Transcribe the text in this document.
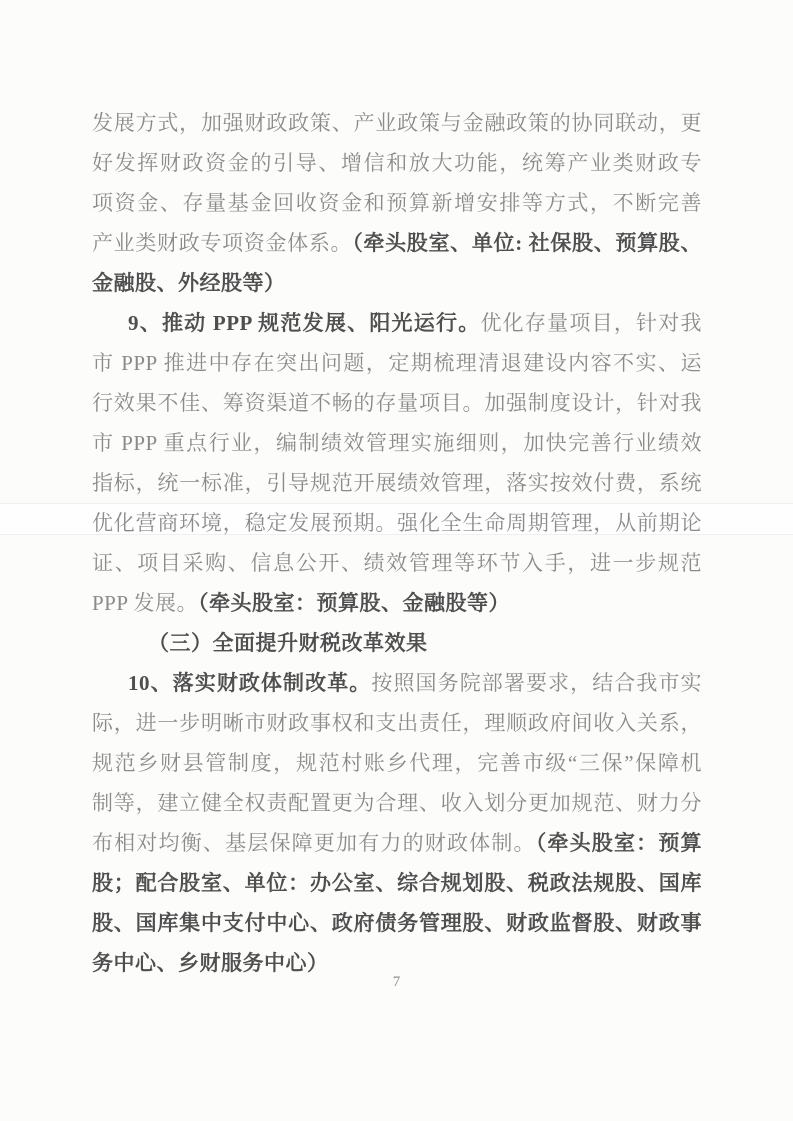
发展方式，加强财政政策、产业政策与金融政策的协同联动，更
好发挥财政资金的引导、增信和放大功能，统筹产业类财政专
项资金、存量基金回收资金和预算新增安排等方式，不断完善
产业类财政专项资金体系。（牵头股室、单位: 社保股、预算股、
金融股、外经股等）
9、推动 PPP 规范发展、阳光运行。优化存量项目，针对我
市 PPP 推进中存在突出问题，定期梳理清退建设内容不实、运
行效果不佳、筹资渠道不畅的存量项目。加强制度设计，针对我
市 PPP 重点行业，编制绩效管理实施细则，加快完善行业绩效
指标，统一标准，引导规范开展绩效管理，落实按效付费，系统
优化营商环境，稳定发展预期。强化全生命周期管理，从前期论
证、项目采购、信息公开、绩效管理等环节入手，进一步规范
PPP 发展。（牵头股室：预算股、金融股等）
（三）全面提升财税改革效果
10、落实财政体制改革。按照国务院部署要求，结合我市实
际，进一步明晰市财政事权和支出责任，理顺政府间收入关系，
规范乡财县管制度，规范村账乡代理，完善市级“三保”保障机
制等，建立健全权责配置更为合理、收入划分更加规范、财力分
布相对均衡、基层保障更加有力的财政体制。（牵头股室：预算
股；配合股室、单位：办公室、综合规划股、税政法规股、国库
股、国库集中支付中心、政府债务管理股、财政监督股、财政事
务中心、乡财服务中心）
7
